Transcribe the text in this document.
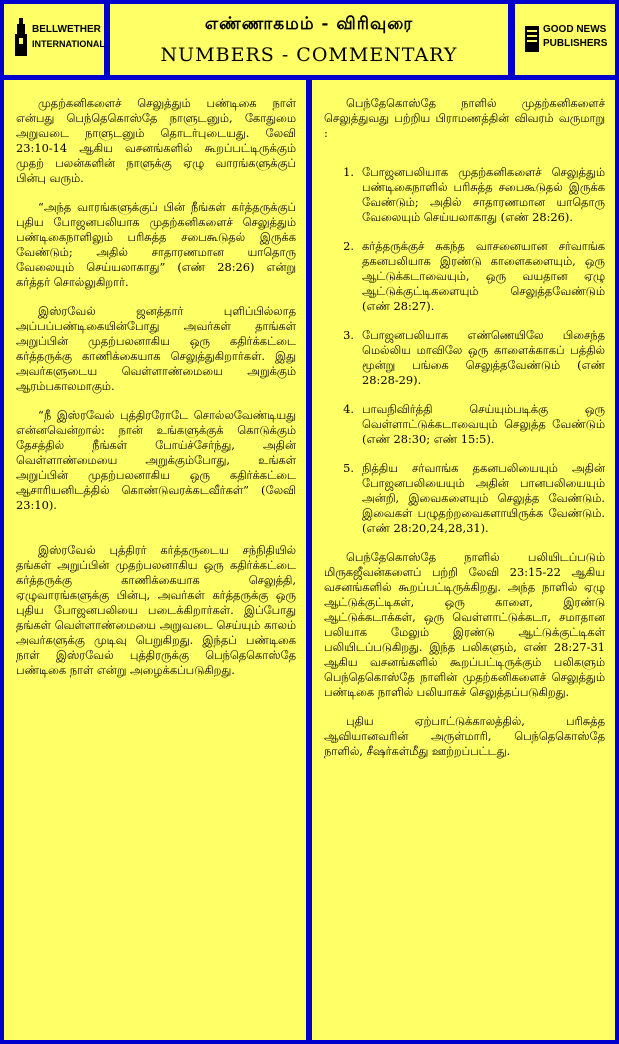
BELLWETHER
INTERNATIONAL
எண்ணாகமம் - விரிவுரை
NUMBERS - COMMENTARY
GOOD NEWS
PUBLISHERS

முதற்கனிகளைச் செலுத்தும் பண்டிகை நாள் என்பது பெந்தெகொஸ்தே நாளுடனும், கோதுமை அறுவடை நாளுடனும் தொடர்புடையது. லேவி 23:10-14 ஆகிய வசனங்களில் கூறப்பட்டிருக்கும் முதற் பலன்களின் நாளுக்கு ஏழு வாரங்களுக்குப் பின்பு வரும்.

“அந்த வாரங்களுக்குப் பின் நீங்கள் கர்த்தருக்குப் புதிய போஜனபலியாக முதற்கனிகளைச் செலுத்தும் பண்டிகைநாளிலும் பரிசுத்த சபைகூடுதல் இருக்க வேண்டும்; அதில் சாதாரணமான யாதொரு வேலையும் செய்யலாகாது” (எண் 28:26) என்று கர்த்தர் சொல்லுகிறார்.

இஸ்ரவேல் ஜனத்தார் புளிப்பில்லாத அப்பப்பண்டிகையின்போது அவர்கள் தாங்கள் அறுப்பின் முதற்பலனாகிய ஒரு கதிர்க்கட்டை கர்த்தருக்கு காணிக்கையாக செலுத்துகிறார்கள். இது அவர்களுடைய வெள்ளாண்மையை அறுக்கும் ஆரம்பகாலமாகும்.

“நீ இஸ்ரவேல் புத்திரரோடே சொல்லவேண்டியது என்னவென்றால்: நான் உங்களுக்குக் கொடுக்கும் தேசத்தில் நீங்கள் போய்ச்சேர்ந்து, அதின் வெள்ளாண்மையை அறுக்கும்போது, உங்கள் அறுப்பின் முதற்பலனாகிய ஒரு கதிர்க்கட்டை ஆசாரியனிடத்தில் கொண்டுவரக்கடவீர்கள்” (லேவி 23:10).

இஸ்ரவேல் புத்திரர் கர்த்தருடைய சந்நிதியில் தங்கள் அறுப்பின் முதற்பலனாகிய ஒரு கதிர்க்கட்டை கர்த்தருக்கு காணிக்கையாக செலுத்தி, ஏழுவாரங்களுக்கு பின்பு, அவர்கள் கர்த்தருக்கு ஒரு புதிய போஜனபலியை படைக்கிறார்கள். இப்போது தங்கள் வெள்ளாண்மையை அறுவடை செய்யும் காலம் அவர்களுக்கு முடிவு பெறுகிறது. இந்தப் பண்டிகை நாள் இஸ்ரவேல் புத்திரருக்கு பெந்தெகொஸ்தே பண்டிகை நாள் என்று அழைக்கப்படுகிறது.

பெந்தேகொஸ்தே நாளில் முதற்கனிகளைச் செலுத்துவது பற்றிய பிராமணத்தின் விவரம் வருமாறு :

1. போஜனபலியாக முதற்கனிகளைச் செலுத்தும் பண்டிகைநாளில் பரிசுத்த சபைகூடுதல் இருக்க வேண்டும்; அதில் சாதாரணமான யாதொரு வேலையும் செய்யலாகாது (எண் 28:26).
2. கர்த்தருக்குச் சுகந்த வாசனையான சர்வாங்க தகனபலியாக இரண்டு காளைகளையும், ஒரு ஆட்டுக்கடாவையும், ஒரு வயதான ஏழு ஆட்டுக்குட்டிகளையும் செலுத்தவேண்டும் (எண் 28:27).
3. போஜனபலியாக எண்ணெயிலே பிசைந்த மெல்லிய மாவிலே ஒரு காளைக்காகப் பத்தில் மூன்று பங்கை செலுத்தவேண்டும் (எண் 28:28-29).
4. பாவநிவிர்த்தி செய்யும்படிக்கு ஒரு வெள்ளாட்டுக்கடாவையும் செலுத்த வேண்டும் (எண் 28:30; எண் 15:5).
5. நித்திய சர்வாங்க தகனபலியையும் அதின் போஜனபலியையும் அதின் பானபலியையும் அன்றி, இவைகளையும் செலுத்த வேண்டும். இவைகள் பழுதற்றவைகளாயிருக்க வேண்டும். (எண் 28:20,24,28,31).

பெந்தேகொஸ்தே நாளில் பலியிடப்படும் மிருகஜீவன்களைப் பற்றி லேவி 23:15-22 ஆகிய வசனங்களில் கூறப்பட்டிருக்கிறது. அந்த நாளில் ஏழு ஆட்டுக்குட்டிகள், ஒரு காளை, இரண்டு ஆட்டுக்கடாக்கள், ஒரு வெள்ளாட்டுக்கடா, சமாதான பலியாக மேலும் இரண்டு ஆட்டுக்குட்டிகள் பலியிடப்படுகிறது. இந்த பலிகளும், எண் 28:27-31 ஆகிய வசனங்களில் கூறப்பட்டிருக்கும் பலிகளும் பெந்தெகொஸ்தே நாளின் முதற்கனிகளைச் செலுத்தும் பண்டிகை நாளில் பலியாகச் செலுத்தப்படுகிறது.

புதிய ஏற்பாட்டுக்காலத்தில், பரிசுத்த ஆவியானவரின் அருள்மாரி, பெந்தெகொஸ்தே நாளில், சீஷர்கள்மீது ஊற்றப்பட்டது.
